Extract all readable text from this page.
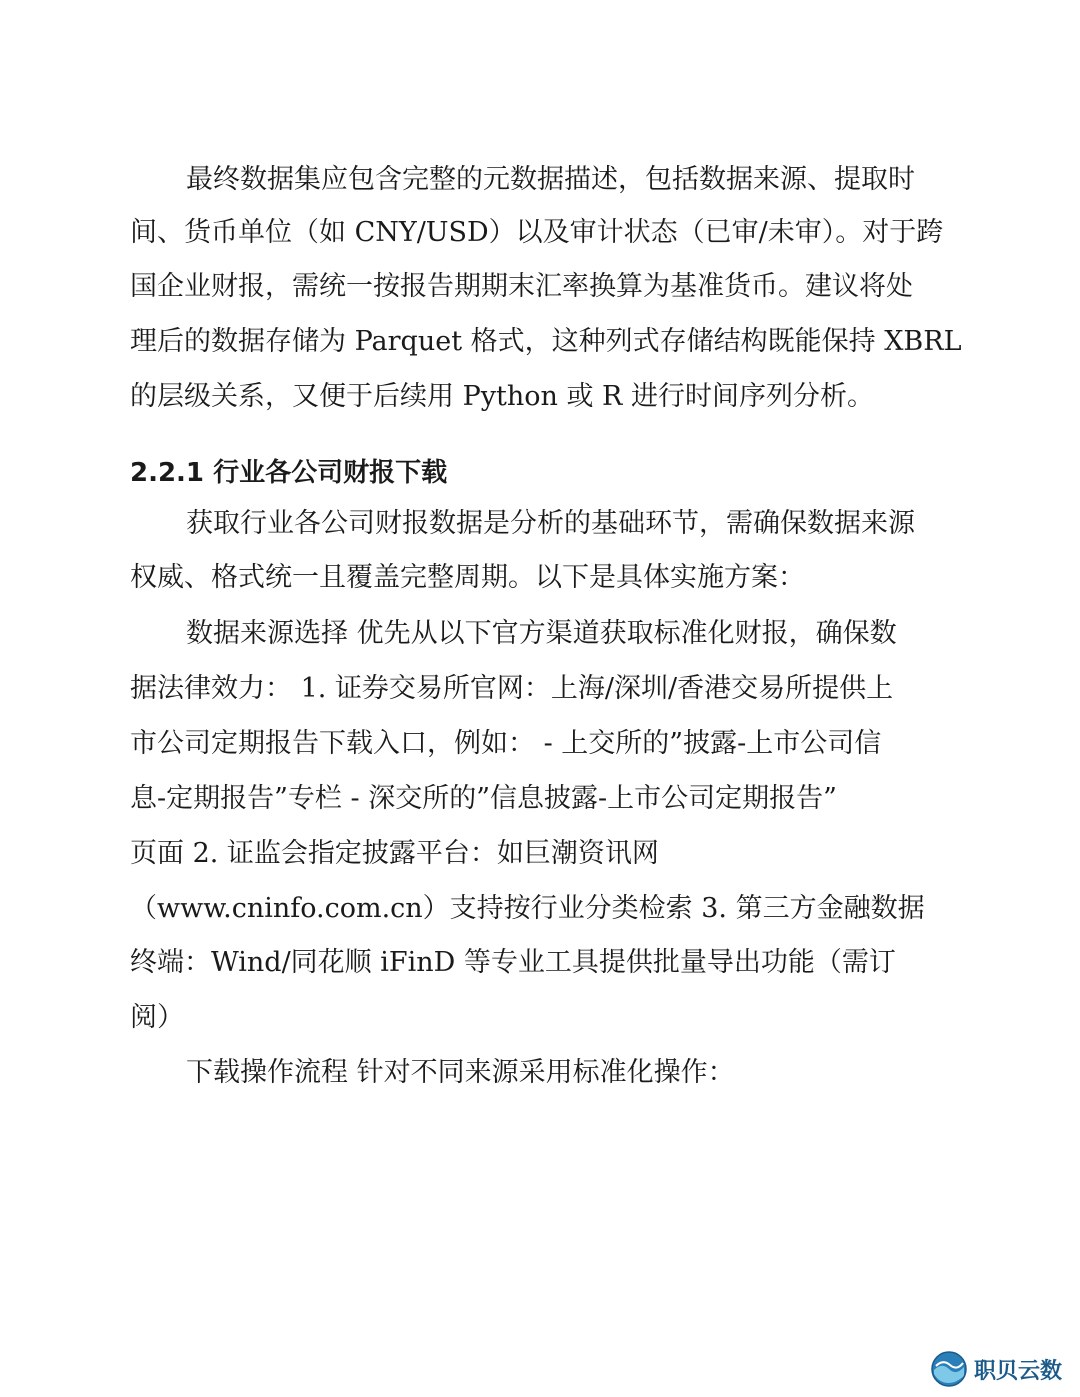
最终数据集应包含完整的元数据描述，包括数据来源、提取时

间、货币单位（如 CNY/USD）以及审计状态（已审/未审）。对于跨

国企业财报，需统一按报告期期末汇率换算为基准货币。建议将处

理后的数据存储为 Parquet 格式，这种列式存储结构既能保持 XBRL

的层级关系，又便于后续用 Python 或 R 进行时间序列分析。

2.2.1 行业各公司财报下载

获取行业各公司财报数据是分析的基础环节，需确保数据来源

权威、格式统一且覆盖完整周期。以下是具体实施方案：

数据来源选择 优先从以下官方渠道获取标准化财报，确保数

据法律效力： 1. 证券交易所官网：上海/深圳/香港交易所提供上

市公司定期报告下载入口，例如： - 上交所的”披露-上市公司信

息-定期报告”专栏 - 深交所的”信息披露-上市公司定期报告”

页面 2. 证监会指定披露平台：如巨潮资讯网

（www.cninfo.com.cn）支持按行业分类检索 3. 第三方金融数据

终端：Wind/同花顺 iFinD 等专业工具提供批量导出功能（需订

阅）

下载操作流程 针对不同来源采用标准化操作：

职贝云数
